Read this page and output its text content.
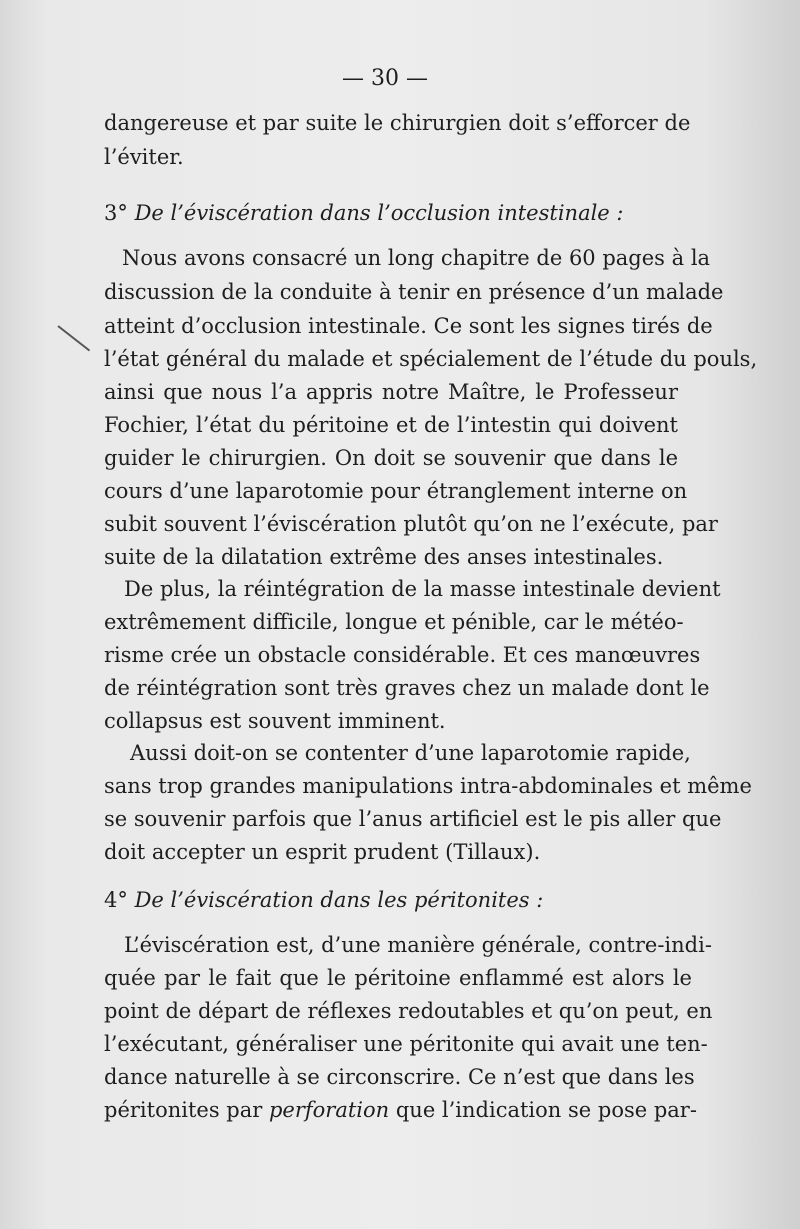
— 30 —
dangereuse et par suite le chirurgien doit s’efforcer de
l’éviter.
3° De l’éviscération dans l’occlusion intestinale :
Nous avons consacré un long chapitre de 60 pages à la
discussion de la conduite à tenir en présence d’un malade
atteint d’occlusion intestinale. Ce sont les signes tirés de
l’état général du malade et spécialement de l’étude du pouls,
ainsi que nous l’a appris notre Maître, le Professeur
Fochier, l’état du péritoine et de l’intestin qui doivent
guider le chirurgien. On doit se souvenir que dans le
cours d’une laparotomie pour étranglement interne on
subit souvent l’éviscération plutôt qu’on ne l’exécute, par
suite de la dilatation extrême des anses intestinales.
De plus, la réintégration de la masse intestinale devient
extrêmement difficile, longue et pénible, car le météo-
risme crée un obstacle considérable. Et ces manœuvres
de réintégration sont très graves chez un malade dont le
collapsus est souvent imminent.
Aussi doit-on se contenter d’une laparotomie rapide,
sans trop grandes manipulations intra-abdominales et même
se souvenir parfois que l’anus artificiel est le pis aller que
doit accepter un esprit prudent (Tillaux).
4° De l’éviscération dans les péritonites :
L’éviscération est, d’une manière générale, contre-indi-
quée par le fait que le péritoine enflammé est alors le
point de départ de réflexes redoutables et qu’on peut, en
l’exécutant, généraliser une péritonite qui avait une ten-
dance naturelle à se circonscrire. Ce n’est que dans les
péritonites par perforation que l’indication se pose par-
